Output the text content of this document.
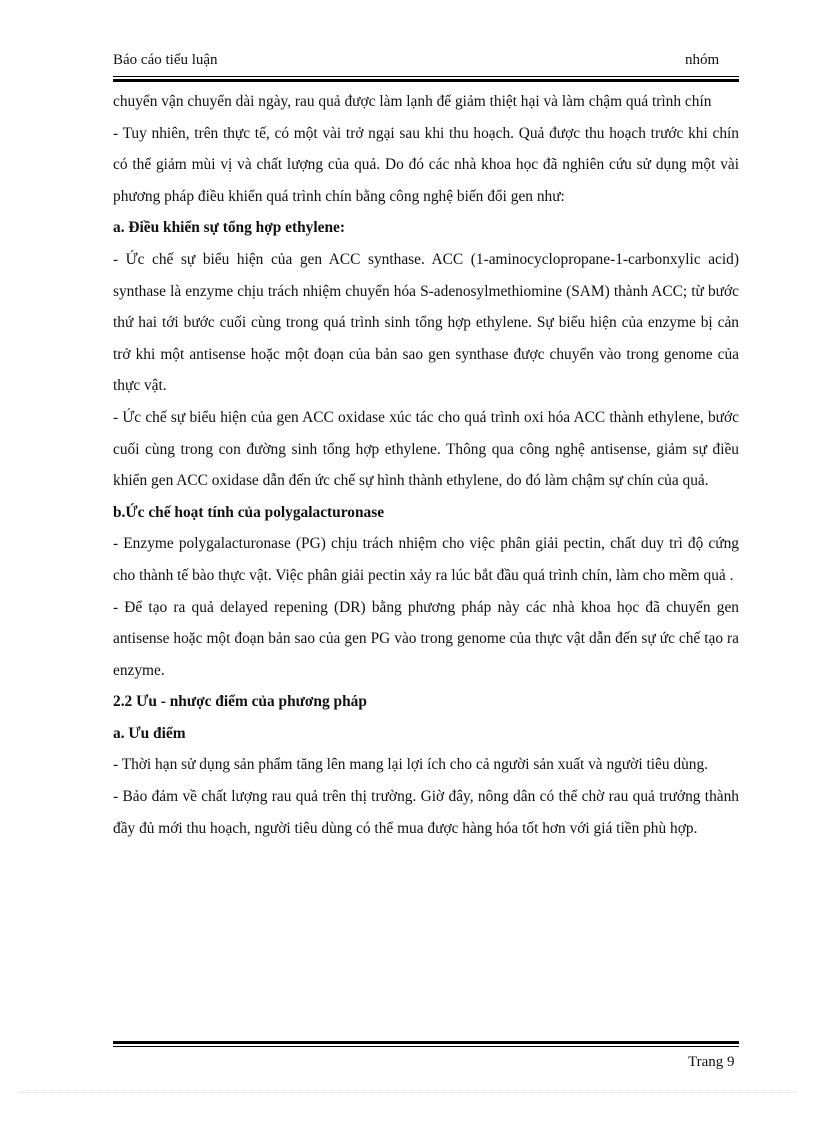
Báo cáo tiểu luận	nhóm

chuyển vận chuyển dài ngày, rau quả được làm lạnh để giảm thiệt hại và làm chậm quá trình chín

- Tuy nhiên, trên thực tế, có một vài trở ngại sau khi thu hoạch. Quả được thu hoạch trước khi chín có thể giảm mùi vị và chất lượng của quả. Do đó các nhà khoa học đã nghiên cứu sử dụng một vài phương pháp điều khiển quá trình chín bằng công nghệ biến đổi gen như:

a. Điều khiển sự tổng hợp ethylene:

- Ức chế sự biểu hiện của gen ACC synthase. ACC (1-aminocyclopropane-1-carbonxylic acid) synthase là enzyme chịu trách nhiệm chuyển hóa S-adenosylmethiomine (SAM) thành ACC; từ bước thứ hai tới bước cuối cùng trong quá trình sinh tổng hợp ethylene. Sự biểu hiện của enzyme bị cản trở khi một antisense hoặc một đoạn của bản sao gen synthase được chuyển vào trong genome của thực vật.

- Ức chế sự biểu hiện của gen ACC oxidase xúc tác cho quá trình oxi hóa ACC thành ethylene, bước cuối cùng trong con đường sinh tổng hợp ethylene. Thông qua công nghệ antisense, giảm sự điều khiển gen ACC oxidase dẫn đến ức chế sự hình thành ethylene, do đó làm chậm sự chín của quả.

b.Ức chế hoạt tính của polygalacturonase

- Enzyme polygalacturonase (PG) chịu trách nhiệm cho việc phân giải pectin, chất duy trì độ cứng cho thành tế bào thực vật. Việc phân giải pectin xảy ra lúc bắt đầu quá trình chín, làm cho mềm quả .

- Để tạo ra quả delayed repening (DR) bằng phương pháp này các nhà khoa học đã chuyển gen antisense hoặc một đoạn bản sao của gen PG vào trong genome của thực vật dẫn đến sự ức chế tạo ra enzyme.

2.2 Ưu - nhược điểm của phương pháp

a. Ưu điểm

- Thời hạn sử dụng sản phẩm tăng lên mang lại lợi ích cho cả người sản xuất và người tiêu dùng.

- Bảo đảm về chất lượng rau quả trên thị trường. Giờ đây, nông dân có thể chờ rau quả trưởng thành đầy đủ mới thu hoạch, người tiêu dùng có thể mua được hàng hóa tốt hơn với giá tiền phù hợp.

Trang 9
